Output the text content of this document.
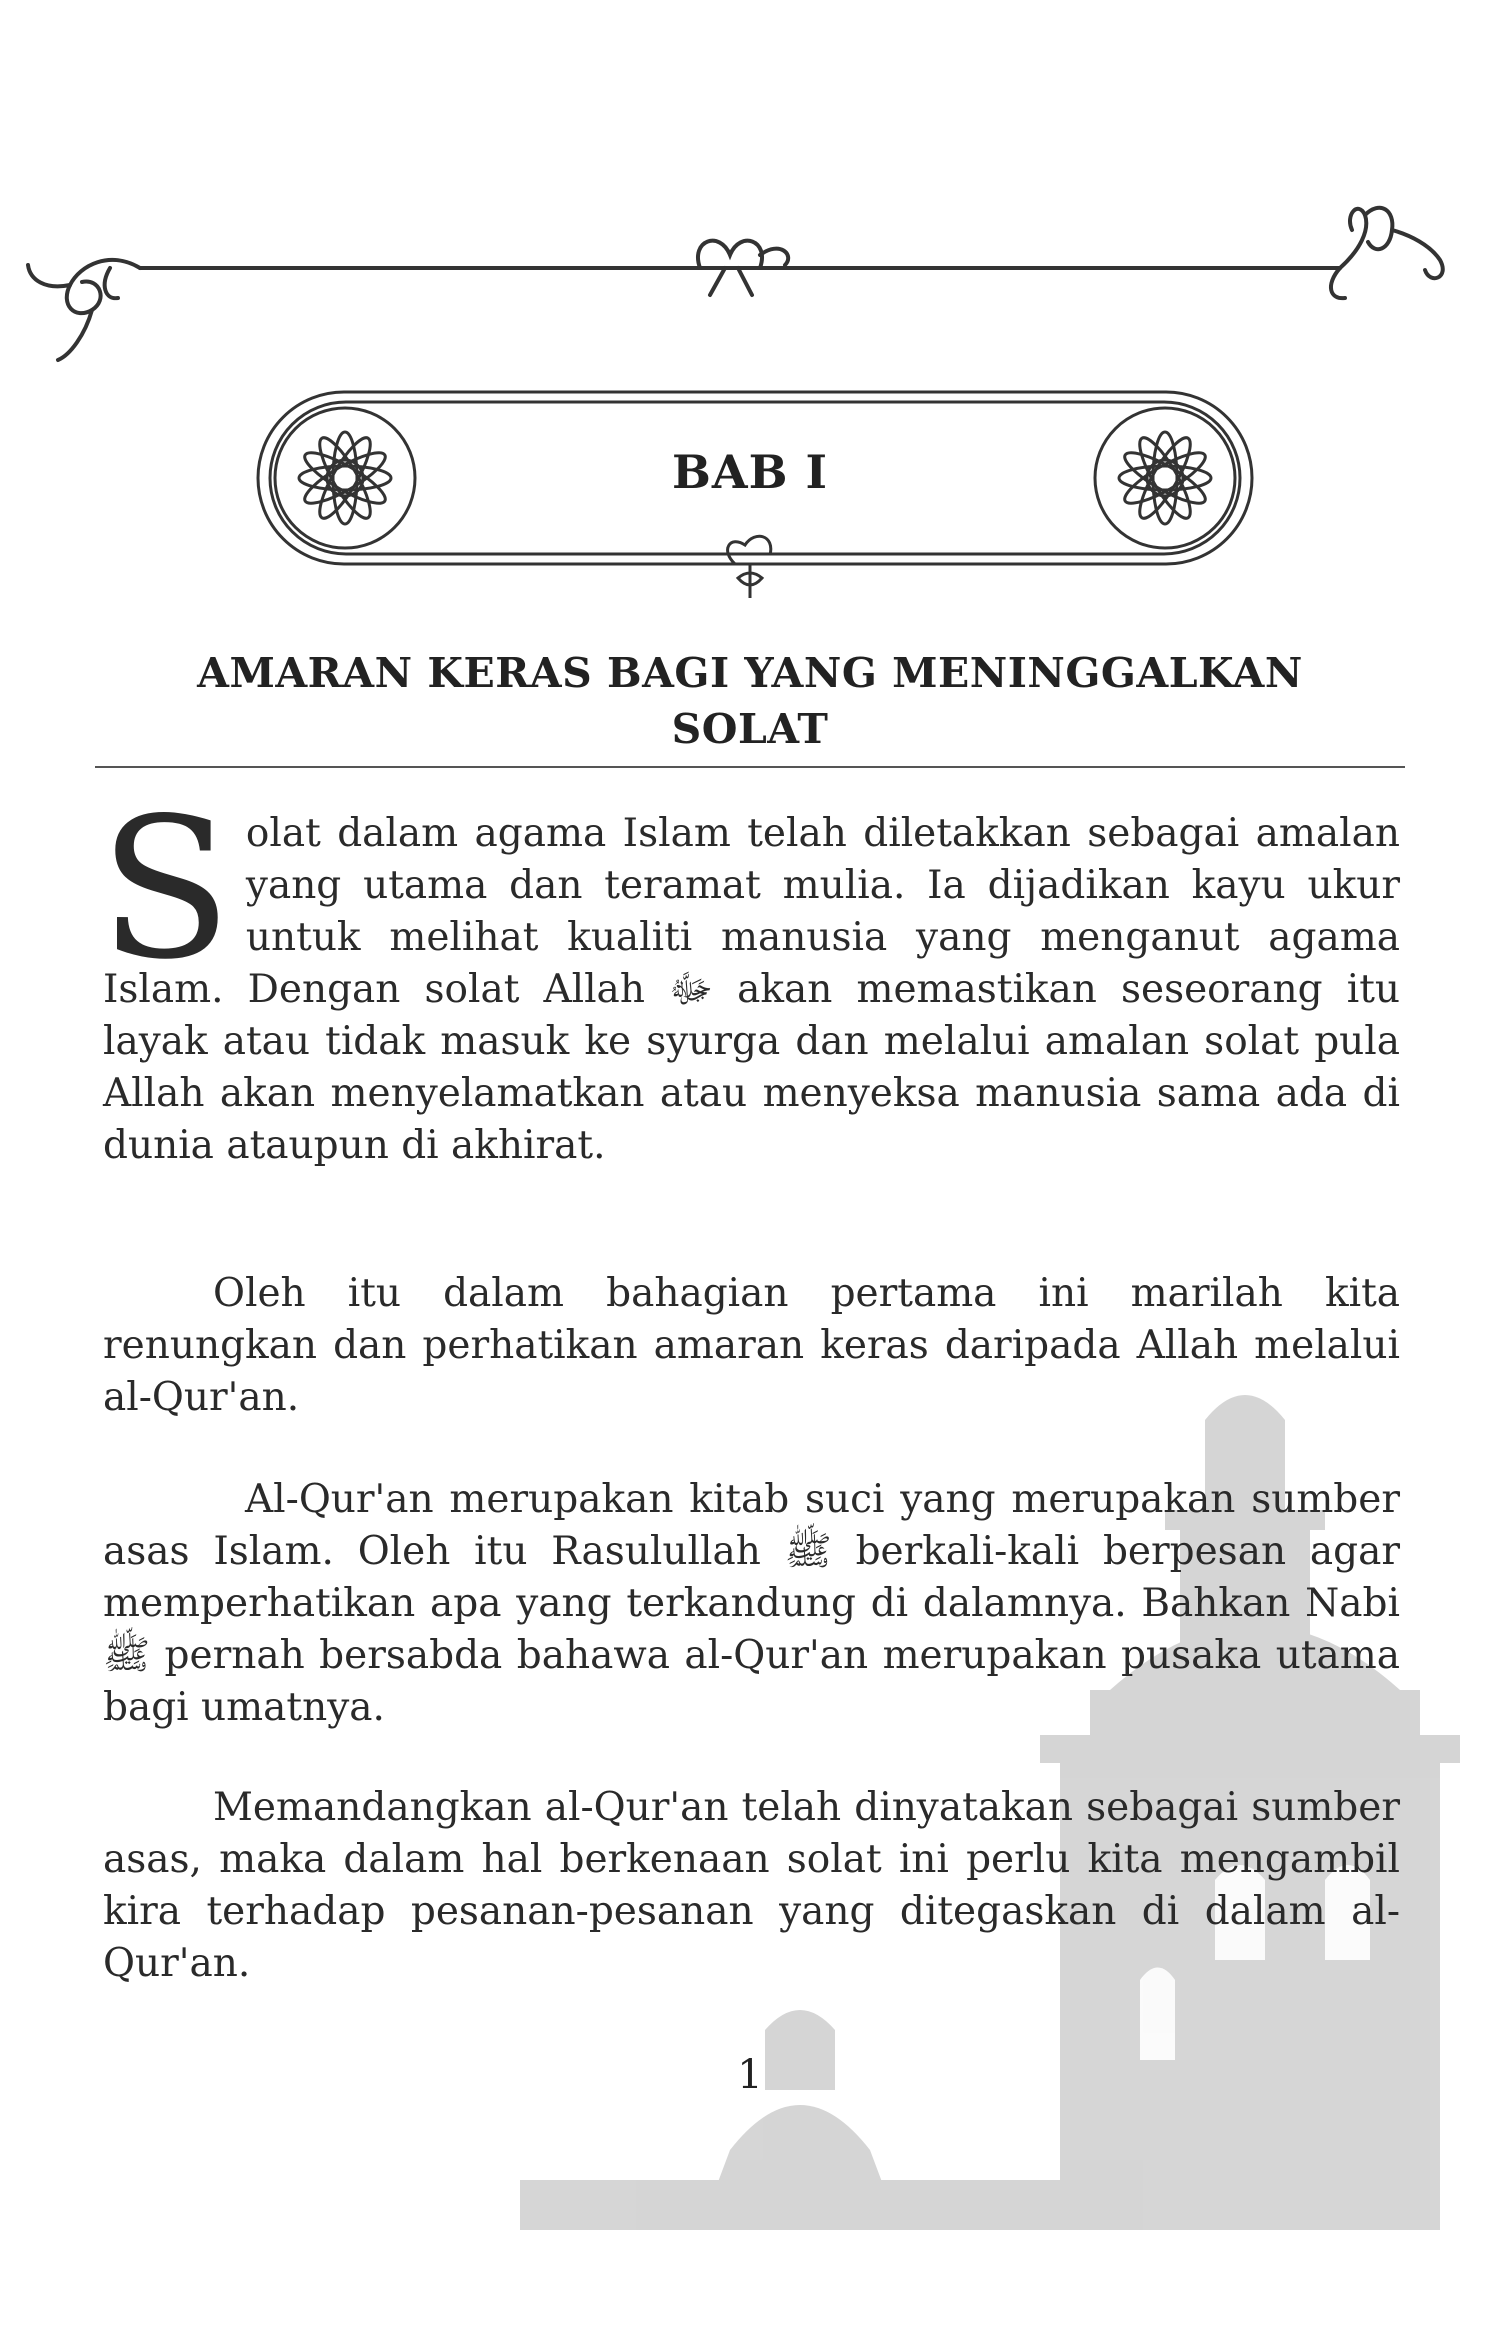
BAB I
AMARAN KERAS BAGI YANG MENINGGALKAN
SOLAT
Solat dalam agama Islam telah diletakkan sebagai amalan yang utama dan teramat mulia. Ia dijadikan kayu ukur untuk melihat kualiti manusia yang menganut agama Islam. Dengan solat Allah ﷻ akan memastikan seseorang itu layak atau tidak masuk ke syurga dan melalui amalan solat pula Allah akan menyelamatkan atau menyeksa manusia sama ada di dunia ataupun di akhirat.

Oleh itu dalam bahagian pertama ini marilah kita renungkan dan perhatikan amaran keras daripada Allah melalui al-Qur'an.

Al-Qur'an merupakan kitab suci yang merupakan sumber asas Islam. Oleh itu Rasulullah ﷺ berkali-kali berpesan agar memperhatikan apa yang terkandung di dalamnya. Bahkan Nabi ﷺ pernah bersabda bahawa al-Qur'an merupakan pusaka utama bagi umatnya.

Memandangkan al-Qur'an telah dinyatakan sebagai sumber asas, maka dalam hal berkenaan solat ini perlu kita mengambil kira terhadap pesanan-pesanan yang ditegaskan di dalam al-Qur'an.

1
